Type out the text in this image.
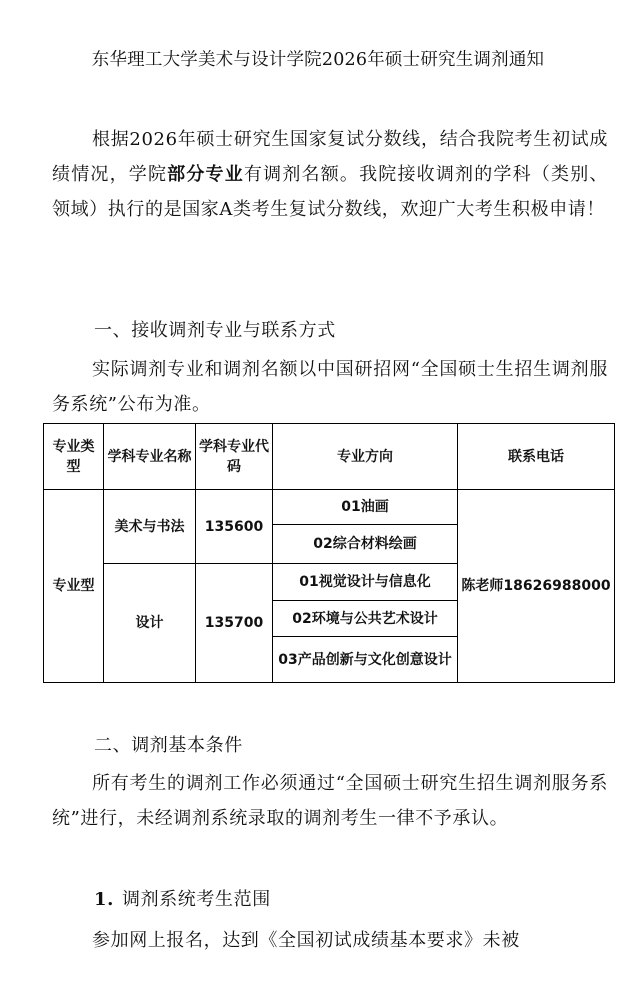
东华理工大学美术与设计学院2026年硕士研究生调剂通知
根据2026年硕士研究生国家复试分数线，结合我院考生初试成绩情况，学院部分专业有调剂名额。我院接收调剂的学科（类别、领域）执行的是国家A类考生复试分数线，欢迎广大考生积极申请！
一、接收调剂专业与联系方式
实际调剂专业和调剂名额以中国研招网“全国硕士生招生调剂服务系统”公布为准。
专业类型	学科专业名称	学科专业代码	专业方向	联系电话
专业型	美术与书法	135600	01油画	陈老师18626988000
			02综合材料绘画	
	设计	135700	01视觉设计与信息化	
			02环境与公共艺术设计	
			03产品创新与文化创意设计	
二、调剂基本条件
所有考生的调剂工作必须通过“全国硕士研究生招生调剂服务系统”进行，未经调剂系统录取的调剂考生一律不予承认。
1. 调剂系统考生范围
参加网上报名，达到《全国初试成绩基本要求》未被
